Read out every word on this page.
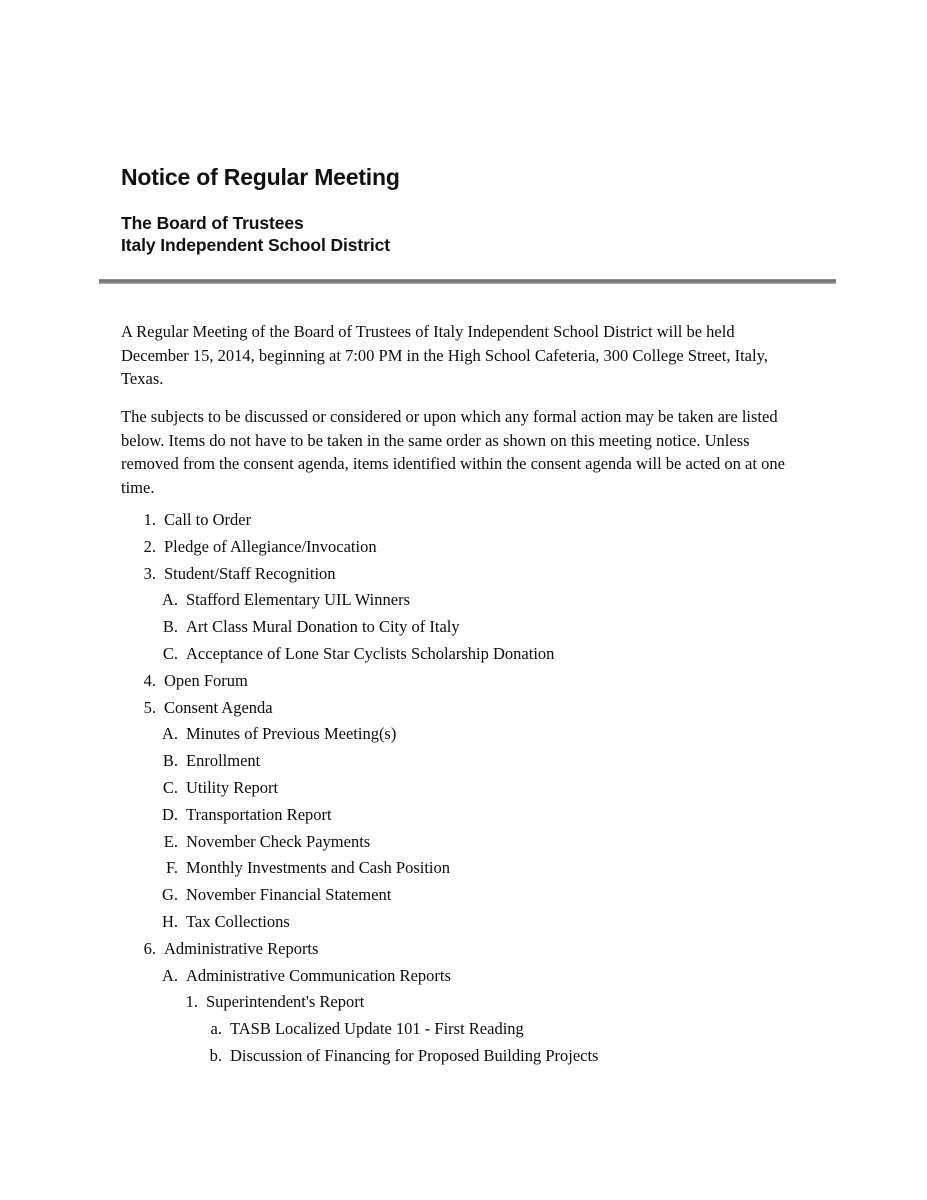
Notice of Regular Meeting
The Board of Trustees
Italy Independent School District
A Regular Meeting of the Board of Trustees of Italy Independent School District will be held December 15, 2014, beginning at 7:00 PM in the High School Cafeteria, 300 College Street, Italy, Texas.
The subjects to be discussed or considered or upon which any formal action may be taken are listed below. Items do not have to be taken in the same order as shown on this meeting notice. Unless removed from the consent agenda, items identified within the consent agenda will be acted on at one time.
1. Call to Order
2. Pledge of Allegiance/Invocation
3. Student/Staff Recognition
A. Stafford Elementary UIL Winners
B. Art Class Mural Donation to City of Italy
C. Acceptance of Lone Star Cyclists Scholarship Donation
4. Open Forum
5. Consent Agenda
A. Minutes of Previous Meeting(s)
B. Enrollment
C. Utility Report
D. Transportation Report
E. November Check Payments
F. Monthly Investments and Cash Position
G. November Financial Statement
H. Tax Collections
6. Administrative Reports
A. Administrative Communication Reports
1. Superintendent's Report
a. TASB Localized Update 101 - First Reading
b. Discussion of Financing for Proposed Building Projects
